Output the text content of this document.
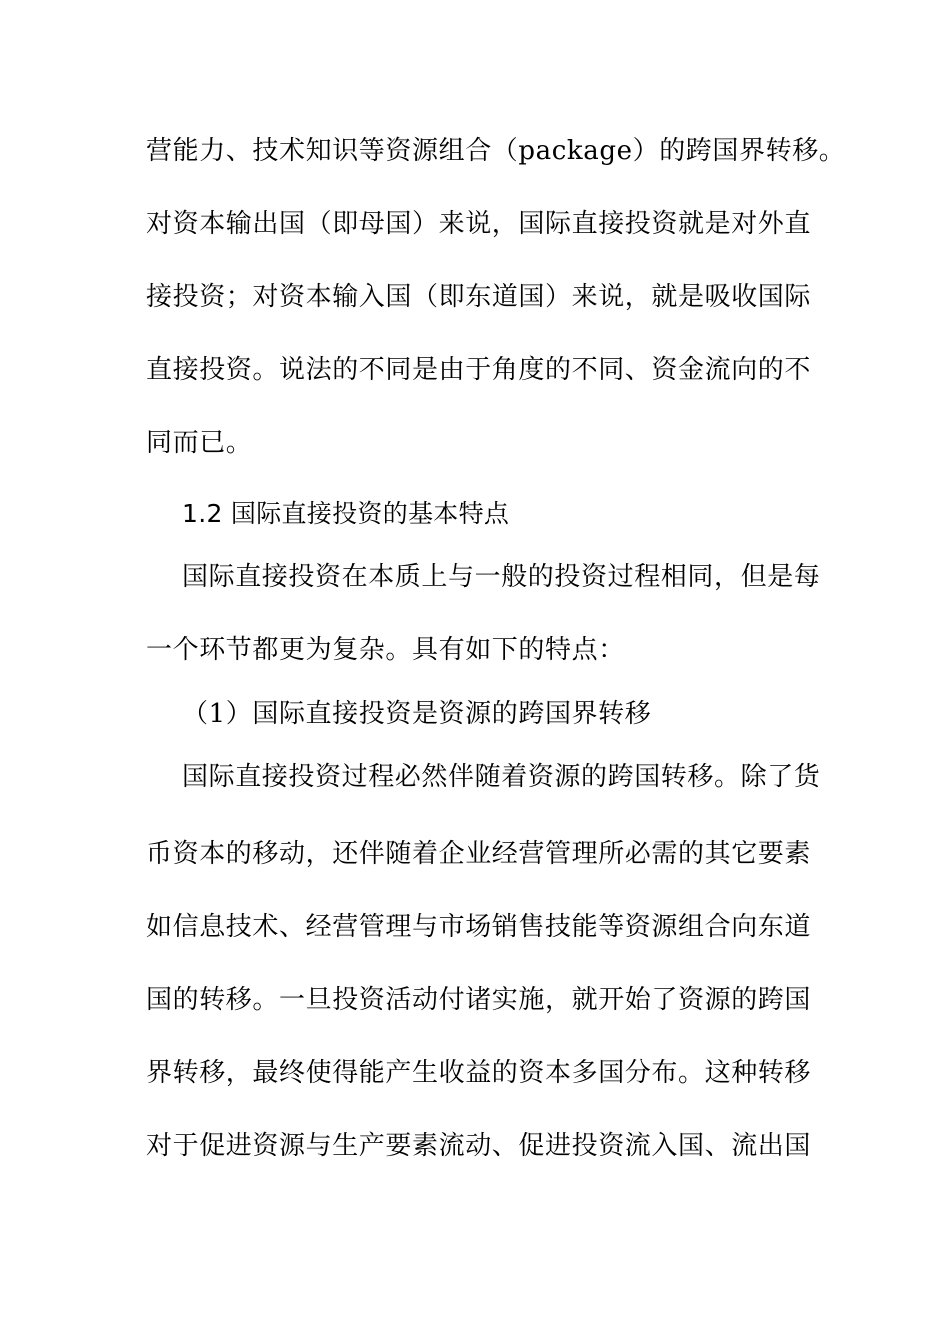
营能力、技术知识等资源组合（package）的跨国界转移。
对资本输出国（即母国）来说，国际直接投资就是对外直
接投资；对资本输入国（即东道国）来说，就是吸收国际
直接投资。说法的不同是由于角度的不同、资金流向的不
同而已。
1.2 国际直接投资的基本特点
国际直接投资在本质上与一般的投资过程相同，但是每
一个环节都更为复杂。具有如下的特点：
（1）国际直接投资是资源的跨国界转移
国际直接投资过程必然伴随着资源的跨国转移。除了货
币资本的移动，还伴随着企业经营管理所必需的其它要素
如信息技术、经营管理与市场销售技能等资源组合向东道
国的转移。一旦投资活动付诸实施，就开始了资源的跨国
界转移，最终使得能产生收益的资本多国分布。这种转移
对于促进资源与生产要素流动、促进投资流入国、流出国
